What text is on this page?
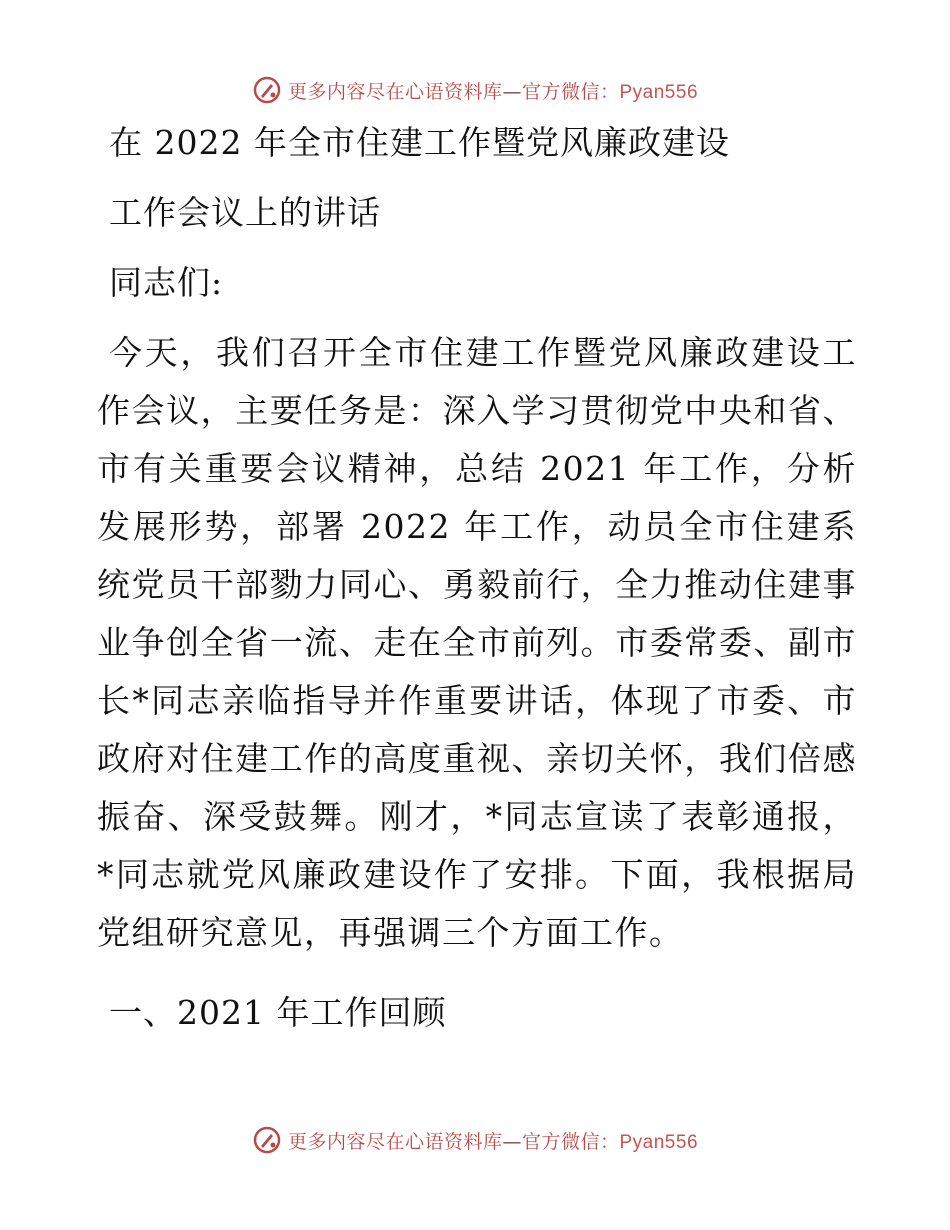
更多内容尽在心语资料库—官方微信：Pyan556
在 2022 年全市住建工作暨党风廉政建设
工作会议上的讲话
同志们:

今天，我们召开全市住建工作暨党风廉政建设工作会议，主要任务是：深入学习贯彻党中央和省、市有关重要会议精神，总结 2021 年工作，分析发展形势，部署 2022 年工作，动员全市住建系统党员干部勠力同心、勇毅前行，全力推动住建事业争创全省一流、走在全市前列。市委常委、副市长*同志亲临指导并作重要讲话，体现了市委、市政府对住建工作的高度重视、亲切关怀，我们倍感振奋、深受鼓舞。刚才，*同志宣读了表彰通报，*同志就党风廉政建设作了安排。下面，我根据局党组研究意见，再强调三个方面工作。

一、2021 年工作回顾
更多内容尽在心语资料库—官方微信：Pyan556
